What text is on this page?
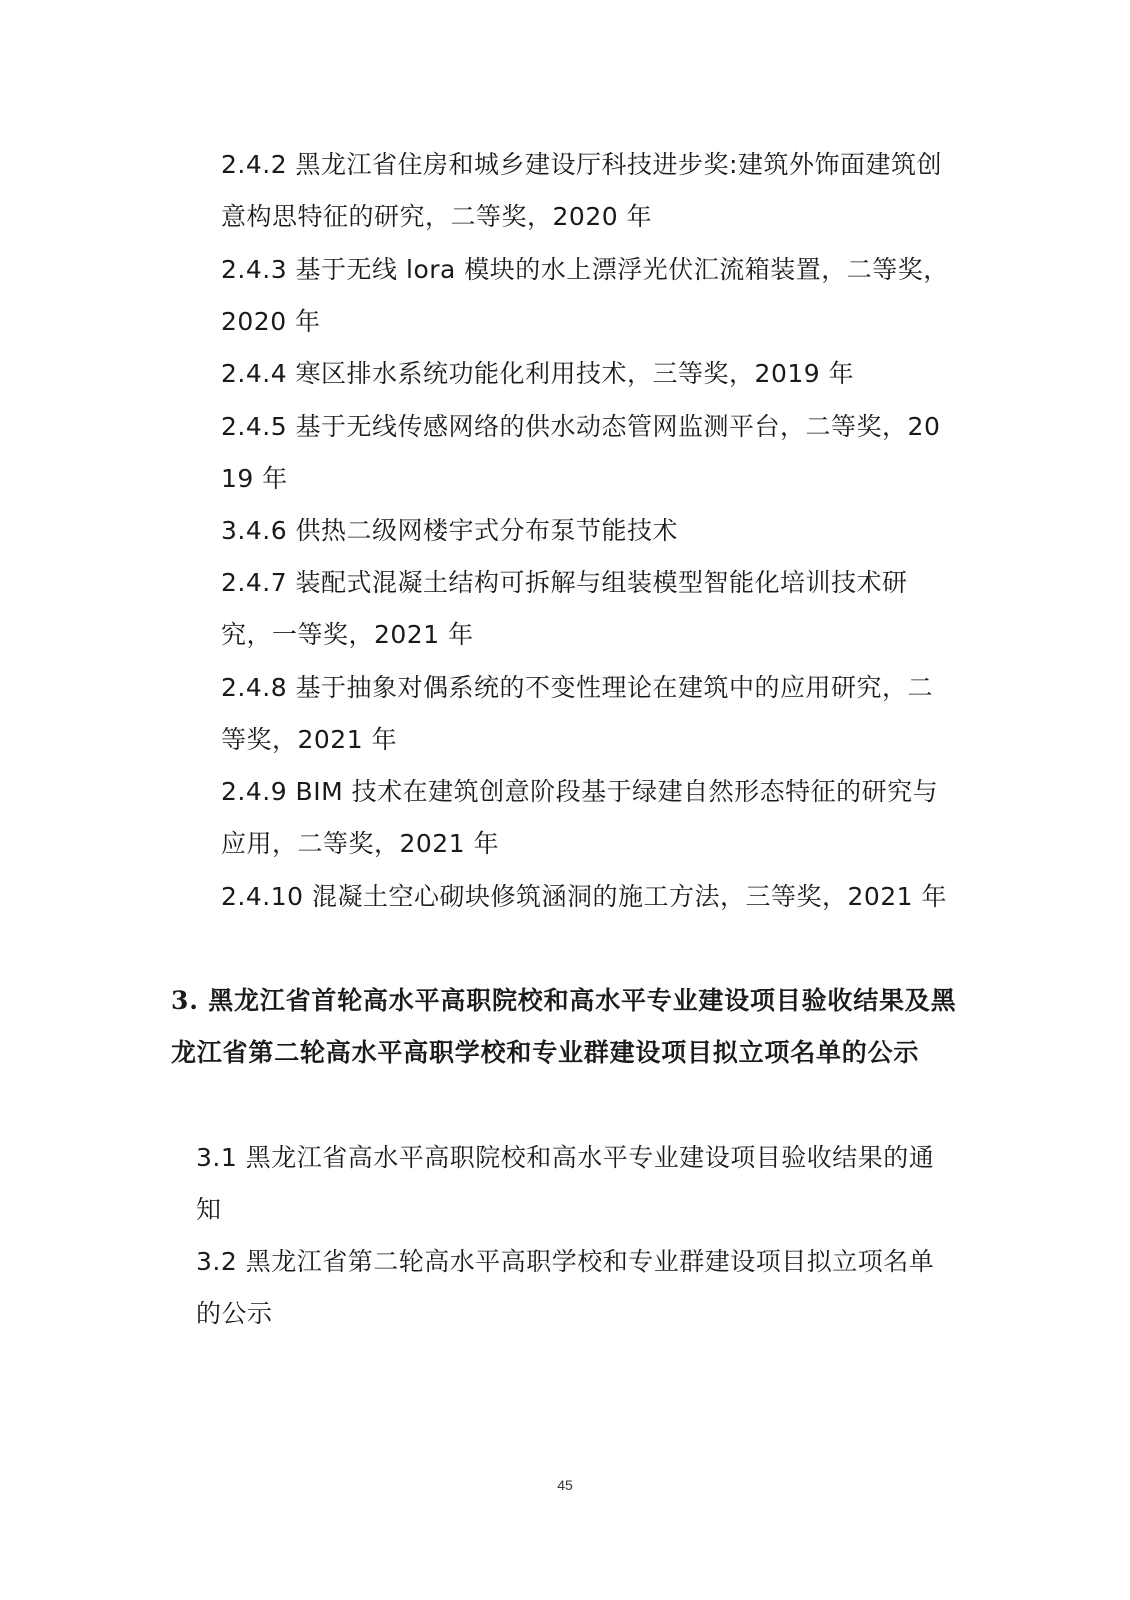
2.4.2 黑龙江省住房和城乡建设厅科技进步奖:建筑外饰面建筑创意构思特征的研究，二等奖，2020 年

2.4.3 基于无线 lora 模块的水上漂浮光伏汇流箱装置，二等奖，2020 年

2.4.4 寒区排水系统功能化利用技术，三等奖，2019 年

2.4.5 基于无线传感网络的供水动态管网监测平台，二等奖，2019 年

3.4.6 供热二级网楼宇式分布泵节能技术

2.4.7 装配式混凝土结构可拆解与组装模型智能化培训技术研究，一等奖，2021 年

2.4.8 基于抽象对偶系统的不变性理论在建筑中的应用研究，二等奖，2021 年

2.4.9 BIM 技术在建筑创意阶段基于绿建自然形态特征的研究与应用，二等奖，2021 年

2.4.10 混凝土空心砌块修筑涵洞的施工方法，三等奖，2021 年

3. 黑龙江省首轮高水平高职院校和高水平专业建设项目验收结果及黑龙江省第二轮高水平高职学校和专业群建设项目拟立项名单的公示

3.1 黑龙江省高水平高职院校和高水平专业建设项目验收结果的通知

3.2 黑龙江省第二轮高水平高职学校和专业群建设项目拟立项名单的公示

45
